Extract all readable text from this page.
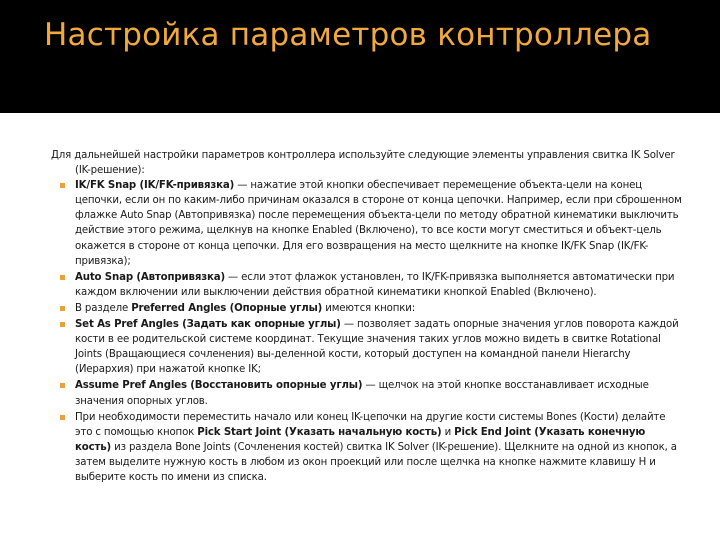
Настройка параметров контроллера

Для дальнейшей настройки параметров контроллера используйте следующие элементы управления свитка IK Solver (IK-решение):

IK/FK Snap (IK/FK-привязка) — нажатие этой кнопки обеспечивает перемещение объекта-цели на конец цепочки, если он по каким-либо причинам оказался в стороне от конца цепочки. Например, если при сброшенном флажке Auto Snap (Автопривязка) после перемещения объекта-цели по методу обратной кинематики выключить действие этого режима, щелкнув на кнопке Enabled (Включено), то все кости могут сместиться и объект-цель окажется в стороне от конца цепочки. Для его возвращения на место щелкните на кнопке IK/FK Snap (IK/FK-привязка);
Auto Snap (Автопривязка) — если этот флажок установлен, то IK/FK-привязка выполняется автоматически при каждом включении или выключении действия обратной кинематики кнопкой Enabled (Включено).
В разделе Preferred Angles (Опорные углы) имеются кнопки:
Set As Pref Angles (Задать как опорные углы) — позволяет задать опорные значения углов поворота каждой кости в ее родительской системе координат. Текущие значения таких углов можно видеть в свитке Rotational Joints (Вращающиеся сочленения) вы-деленной кости, который доступен на командной панели Hierarchy (Иерархия) при нажатой кнопке IK;
Assume Pref Angles (Восстановить опорные углы) — щелчок на этой кнопке восстанавливает исходные значения опорных углов.
При необходимости переместить начало или конец IK-цепочки на другие кости системы Bones (Кости) делайте это с помощью кнопок Pick Start Joint (Указать начальную кость) и Pick End Joint (Указать конечную кость) из раздела Bone Joints (Сочленения костей) свитка IK Solver (IK-решение). Щелкните на одной из кнопок, а затем выделите нужную кость в любом из окон проекций или после щелчка на кнопке нажмите клавишу H и выберите кость по имени из списка.
